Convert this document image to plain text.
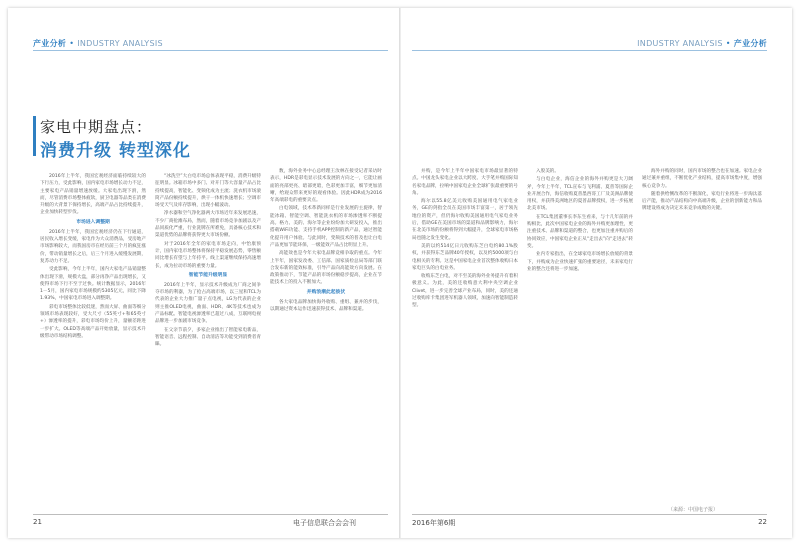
产业分析 • INDUSTRY ANALYSIS	INDUSTRY ANALYSIS • 产业分析
家电中期盘点：
消费升级 转型深化

2016年上半年，我国宏观经济面临持续较大的下行压力，受此影响，国内家电市场增长动力不足，主要家电产品销量增速放缓。大家电出现下滑，然而，尽管消费市场整体疲软，厨卫电器等品类在消费升级的大背景下保持增长，高端产品占比持续提升，企业加快转型步伐。

市场进入调整期

2016年上半年，我国宏观经济仍在下行通道，居民收入增长变缓，家电作为大众消费品，受房地产市场影响较大，而我国房市在经历前三个月的疯狂涨价，带动销量增长之后，后三个月进入缓慢发展期，复苏动力不足。

受此影响，今年上半年，国内大家电产品销量整体出现下滑，规模大盘，部分再净产品出现增长，又使得市场下行不至于过快。统计数据显示，2016年1－5月，国内家电市场规模约5305亿元，同比下降1.93%，中国家电市场进入调整期。

彩电市场整体比较低迷，然而大屏、曲面等细分领域市场表现较好，受大尺寸（55英寸+和65英寸+）渗透率的提升，彩电市场均价上升，量额差距进一步扩大。OLED等高端产品开始放量，显示技术升级带动市场结构调整。

“冰洗空”大白电市场总体表现平稳，消费升级特征明显。冰箱市场中多门、对开门等大容量产品占比持续提高，智能化、变频化成为主流；洗衣机市场滚筒产品份额持续提升，烘干一体机快速增长；空调市场受天气及库存影响，出现小幅波动。

净水器和空气净化器两大市场近年来发展迅速，不少厂商抢滩布局，然而，随着市场竞争加剧以及产品同质化严重，行业洗牌在所难免，具备核心技术和渠道优势的品牌将获得更大市场份额。

对于2016年全年的家电市场走向，中怡康预计，国内家电市场整体将保持平稳发展态势，零售额同比增长有望与上年持平。线上渠道继续保持高速增长，成为拉动市场的重要力量。

智能节能升级明显

2016年上半年，显示技术升级成为厂商之间争夺市场的利器，为了抢占高端市场，以三星和TCL为代表的企业大力推广量子点电视，LG为代表的企业则主推OLED电视，曲面、HDR、4K等技术也成为产品标配。智能电视渗透率已超过八成，互联网电视品牌进一步加剧市场竞争。

在父亲节前夕，多家企业推出了智能家电新品，智能语音、远程控制、自动清洁等功能受到消费者青睐。

数，海外业务中心总经理王汝林在接受记者采访时表示，HDR是彩电显示技术发展的方向之一，它能让画面的亮部更亮、暗部更暗，色彩更加丰富，细节更加清晰，给观众带来更好的观看体验。因此HDR成为2016年高端彩电的重要卖点。

白电领域，技术革新同样是行业发展的主旋律，智能冰箱、智能空调、智能洗衣机的市场渗透率不断提高。格力、美的、海尔等企业纷纷加大研发投入，推出搭载WiFi功能、支持手机APP控制的新产品，通过智能化提升用户体验。与此同时，变频技术的普及也让白电产品更加节能环保，一级能效产品占比明显上升。

高能效也是今年大家电品牌竞相争取的重点。今年上半年，国家发改委、工信部、国家质检总局等部门联合发布新的能效标准，引导产品向高能效方向发展。在政策推动下，节能产品的市场份额稳步提高，企业在节能技术上的投入不断加大。

并购浪潮此起彼伏

各大家电品牌加快海外收购、重组、兼并的步伐，以期通过资本运作迅速获得技术、品牌和渠道。

并购，是今年上半年中国家电市场最显著的特点。中国龙头家电企业以大跨度、大手笔并购国际知名家电品牌，拉响中国家电企业全球扩张最重要的号角。

海尔以55.8亿美元收购美国通用电气家电业务，GE的剑指全员在美国市场丰富第一，居于领先地位的资产，但仍海尔收购美国通用电气家电业务后，借助GE在美国市场的渠道和品牌影响力，海尔在北美市场的份额将得到大幅提升，全球家电市场格局也随之发生变化。

美的以约514亿日元收购东芝白电约80.1%股权，并获得东芝品牌40年授权，以及约5000项与白电相关的专利。这是中国家电企业首次整体收购日本家电巨头的白电业务。

收购东芝白电，对不至美的海外业务提升有着积极意义。为此，美的还收购意大利中央空调企业Clivet，进一步完善全球产业布局，同时，美的还通过收购库卡集团进军机器人领域，加速向智能制造转型。

入股美的。

与白电企业，海信企业的海外并购更是大刀阔斧，今年上半年，TCL宣布与飞利浦、夏普等国际企业开展合作，海信收购夏普墨西哥工厂及美洲品牌使用权，并获得美洲地区的夏普品牌授权，进一步拓展北美市场。

在TCL集团董事长李东生看来，与十几年前的并购相比，此次中国家电企业的海外并购更加理性，更注重技术、品牌和渠道的整合，也更加注重并购后的协同效应，中国家电企业正从“走出去”向“走进去”转变。

业内专家指出，在全球家电市场增长放缓的背景下，并购成为企业快速扩张的重要途径，未来家电行业的整合还将进一步加速。

海外并购的同时，国内市场的整合也在加速。家电企业通过兼并重组，不断优化产业结构，提高市场集中度，增强核心竞争力。

随着供给侧改革的不断深化，家电行业将进一步淘汰落后产能，推动产品结构向中高端升级，企业的创新能力和品牌建设将成为决定未来竞争成败的关键。

（来源：中国电子报）
21	电子信息联合会会刊	2016年第6期	22
